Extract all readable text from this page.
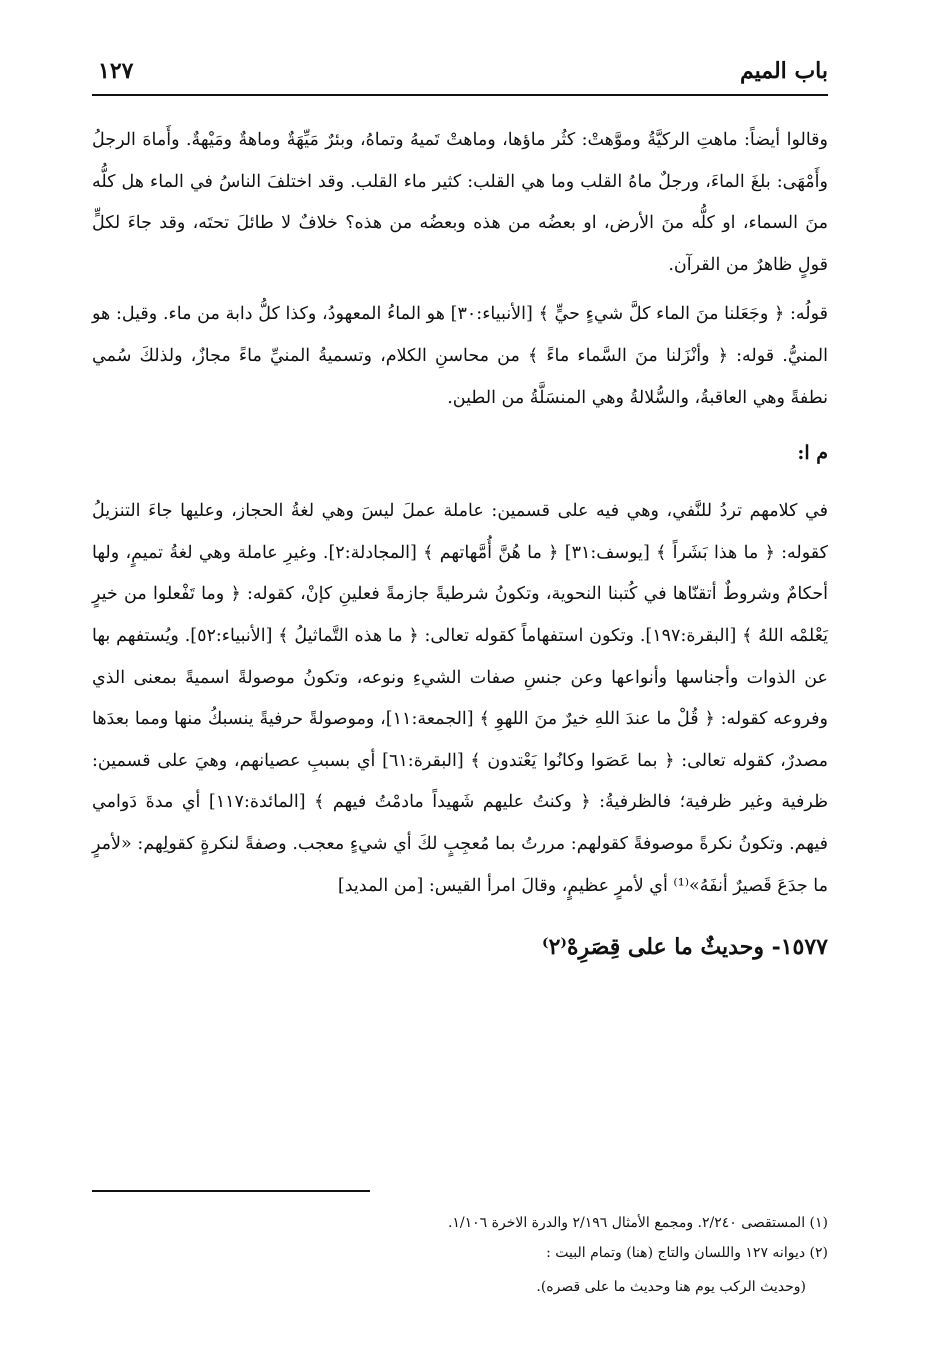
باب الميم
١٢٧

وقالوا أيضاً: ماهتِ الركيَّةُ وموَّهتْ: كثُر ماؤها، وماهتْ تَميهُ وتماهُ، وبئرٌ مَيِّهَةٌ وماهةٌ ومَيْهةٌ. وأَماهَ الرجلُ وأَمْهَى: بلغَ الماءَ، ورجلٌ ماهُ القلب وما هي القلب: كثير ماء القلب. وقد اختلفَ الناسُ في الماء هل كلُّه منَ السماء، او كلُّه منَ الأرض، او بعضُه من هذه وبعضُه من هذه؟ خلافٌ لا طائلَ تحتَه، وقد جاءَ لكلٍّ قولٍ ظاهرٌ من القرآن.

قولُه: ﴿ وجَعَلنا منَ الماء كلَّ شيءٍ حيٍّ ﴾ [الأنبياء:٣٠] هو الماءُ المعهودُ، وكذا كلُّ دابة من ماء. وقيل: هو المنيُّ. قوله: ﴿ وأنْزَلنا منَ السَّماء ماءً ﴾ من محاسنِ الكلام، وتسميةُ المنيِّ ماءً مجازٌ، ولذلكَ سُمي نطفةً وهي العاقبةُ، والسُّلالةُ وهي المنسَلَّةُ من الطين.

م ا:

في كلامهم تردُ للنَّفي، وهي فيه على قسمين: عاملة عملَ ليسَ وهي لغةُ الحجاز، وعليها جاءَ التنزيلُ كقوله: ﴿ ما هذا بَشَراً ﴾ [يوسف:٣١] ﴿ ما هُنَّ أُمَّهاتهم ﴾ [المجادلة:٢]. وغيرِ عاملة وهي لغةُ تميمٍ، ولها أحكامٌ وشروطٌ أتقنّاها في كُتبنا النحوية، وتكونُ شرطيةً جازمةً فعلينِ كإنْ، كقوله: ﴿ وما تَفْعلوا من خيرٍ يَعْلمْه اللهُ ﴾ [البقرة:١٩٧]. وتكون استفهاماً كقوله تعالى: ﴿ ما هذه التَّماثيلُ ﴾ [الأنبياء:٥٢]. ويُستفهم بها عن الذوات وأجناسها وأنواعها وعن جنسِ صفات الشيءِ ونوعه، وتكونُ موصولةً اسميةً بمعنى الذي وفروعه كقوله: ﴿ قُلْ ما عندَ اللهِ خيرٌ منَ اللهوِ ﴾ [الجمعة:١١]، وموصولةً حرفيةً ينسبكُ منها ومما بعدَها مصدرٌ، كقوله تعالى: ﴿ بما عَصَوا وكانُوا يَعْتدون ﴾ [البقرة:٦١] أي بسببِ عصيانهم، وهيَ على قسمين: ظرفية وغير ظرفية؛ فالظرفيةُ: ﴿ وكنتُ عليهم شَهيداً مادمْتُ فيهم ﴾ [المائدة:١١٧] أي مدةَ دَوامي فيهم. وتكونُ نكرةً موصوفةً كقولهم: مررتُ بما مُعجِبٍ لكَ أي شيءٍ معجب. وصفةً لنكرةٍ كقولِهم: «لأمرٍ ما جدَعَ قَصيرٌ أنفَهُ»⁽¹⁾ أي لأمرٍ عظيمٍ، وقالَ امرأ القيس: [من المديد]

١٥٧٧- وحديثٌ ما على قِصَرِهْ⁽٢⁾

(١) المستقصى ٢/٢٤٠. ومجمع الأمثال ٢/١٩٦ والدرة الاخرة ١/١٠٦.

(٢) ديوانه ١٢٧ واللسان والتاج (هنا) وتمام البيت :

(وحديث الركب يوم هنا وحديث ما على قصره).
